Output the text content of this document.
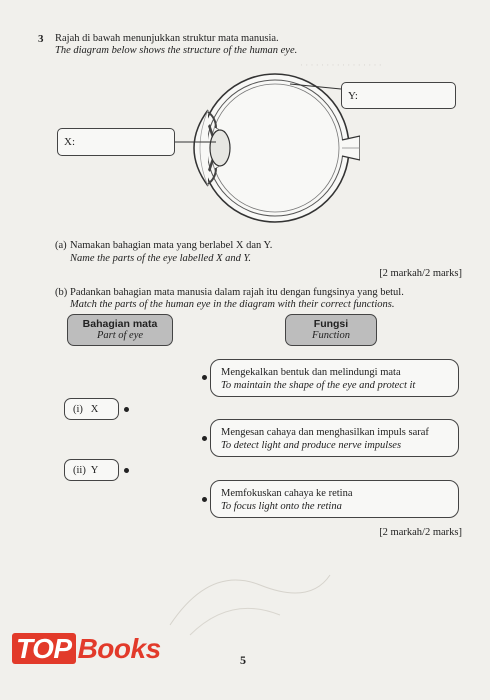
· · · · · · · · · · · · · · · ·
3 Rajah di bawah menunjukkan struktur mata manusia.
The diagram below shows the structure of the human eye.
Y:
X:
(a) Namakan bahagian mata yang berlabel X dan Y.
Name the parts of the eye labelled X and Y.
[2 markah/2 marks]
(b) Padankan bahagian mata manusia dalam rajah itu dengan fungsinya yang betul.
Match the parts of the human eye in the diagram with their correct functions.
Bahagian mata
Part of eye
Fungsi
Function
Mengekalkan bentuk dan melindungi mata
To maintain the shape of the eye and protect it
Mengesan cahaya dan menghasilkan impuls saraf
To detect light and produce nerve impulses
Memfokuskan cahaya ke retina
To focus light onto the retina
(i)   X
(ii)  Y
[2 markah/2 marks]
5
TOP Books
